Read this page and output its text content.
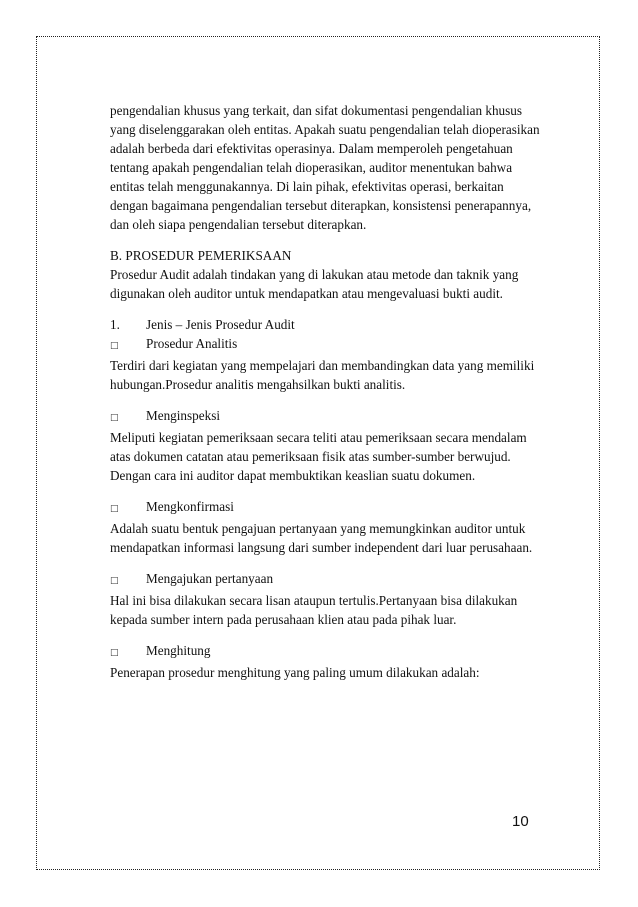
pengendalian khusus yang terkait, dan sifat dokumentasi pengendalian khusus yang diselenggarakan oleh entitas. Apakah suatu pengendalian telah dioperasikan adalah berbeda dari efektivitas operasinya. Dalam memperoleh pengetahuan tentang apakah pengendalian telah dioperasikan, auditor menentukan bahwa entitas telah menggunakannya. Di lain pihak, efektivitas operasi, berkaitan dengan bagaimana pengendalian tersebut diterapkan, konsistensi penerapannya, dan oleh siapa pengendalian tersebut diterapkan.

B. PROSEDUR PEMERIKSAAN

Prosedur Audit adalah tindakan yang di lakukan atau metode dan taknik yang digunakan oleh auditor untuk mendapatkan atau mengevaluasi bukti audit.

1.	Jenis – Jenis Prosedur Audit
□	Prosedur Analitis

Terdiri dari kegiatan yang mempelajari dan membandingkan data yang memiliki hubungan.Prosedur analitis mengahsilkan bukti analitis.

□	Menginspeksi

Meliputi kegiatan pemeriksaan secara teliti atau pemeriksaan secara mendalam atas dokumen catatan atau pemeriksaan fisik atas sumber-sumber berwujud. Dengan cara ini auditor dapat membuktikan keaslian suatu dokumen.

□	Mengkonfirmasi

Adalah suatu bentuk pengajuan pertanyaan yang memungkinkan auditor untuk mendapatkan informasi langsung dari sumber independent dari luar perusahaan.

□	Mengajukan pertanyaan

Hal ini bisa dilakukan secara lisan ataupun tertulis.Pertanyaan bisa dilakukan kepada sumber intern pada perusahaan klien atau pada pihak luar.

□	Menghitung

Penerapan prosedur menghitung yang paling umum dilakukan adalah:

10
